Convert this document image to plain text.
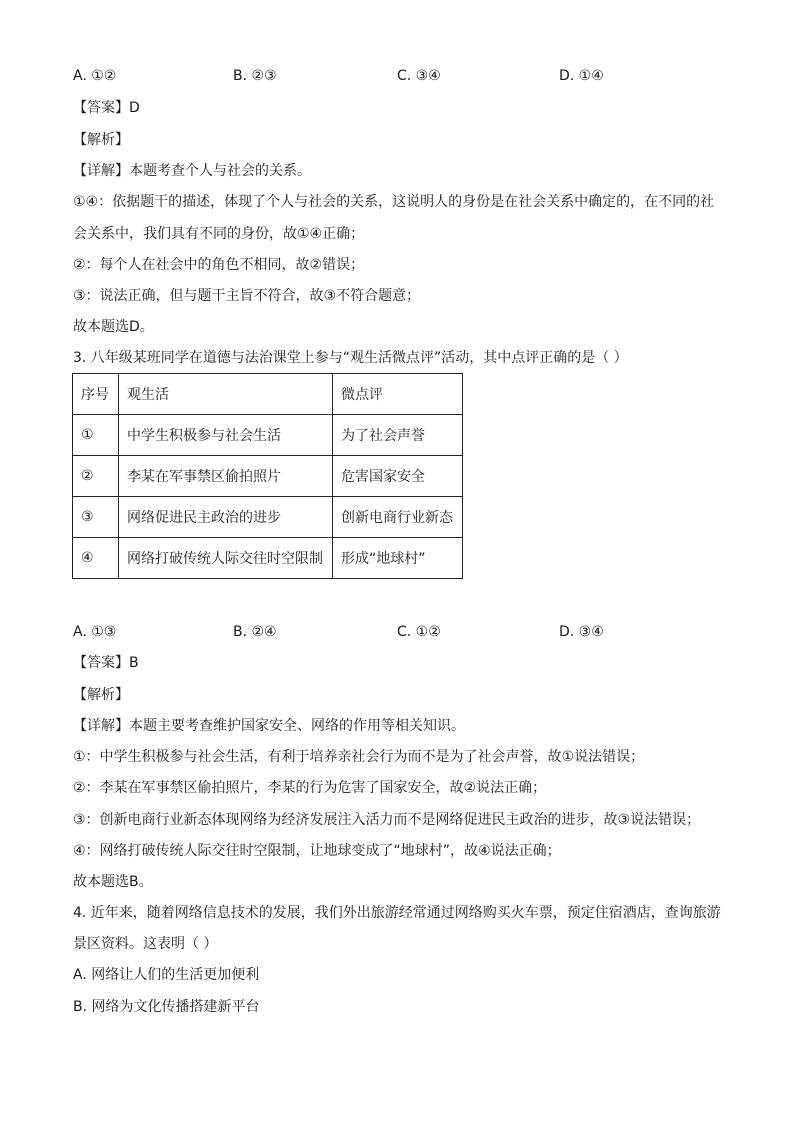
A. ①②	B. ②③	C. ③④	D. ①④
【答案】D
【解析】
【详解】本题考查个人与社会的关系。
①④：依据题干的描述，体现了个人与社会的关系，这说明人的身份是在社会关系中确定的，在不同的社
会关系中，我们具有不同的身份，故①④正确；
②：每个人在社会中的角色不相同，故②错误；
③：说法正确，但与题干主旨不符合，故③不符合题意；
故本题选D。
3. 八年级某班同学在道德与法治课堂上参与“观生活微点评”活动，其中点评正确的是（ ）
序号	观生活	微点评
①	中学生积极参与社会生活	为了社会声誉
②	李某在军事禁区偷拍照片	危害国家安全
③	网络促进民主政治的进步	创新电商行业新态
④	网络打破传统人际交往时空限制	形成“地球村”
A. ①③	B. ②④	C. ①②	D. ③④
【答案】B
【解析】
【详解】本题主要考查维护国家安全、网络的作用等相关知识。
①：中学生积极参与社会生活，有利于培养亲社会行为而不是为了社会声誉，故①说法错误；
②：李某在军事禁区偷拍照片，李某的行为危害了国家安全，故②说法正确；
③：创新电商行业新态体现网络为经济发展注入活力而不是网络促进民主政治的进步，故③说法错误；
④：网络打破传统人际交往时空限制，让地球变成了“地球村”，故④说法正确；
故本题选B。
4. 近年来，随着网络信息技术的发展，我们外出旅游经常通过网络购买火车票，预定住宿酒店，查询旅游
景区资料。这表明（ ）
A. 网络让人们的生活更加便利
B. 网络为文化传播搭建新平台
